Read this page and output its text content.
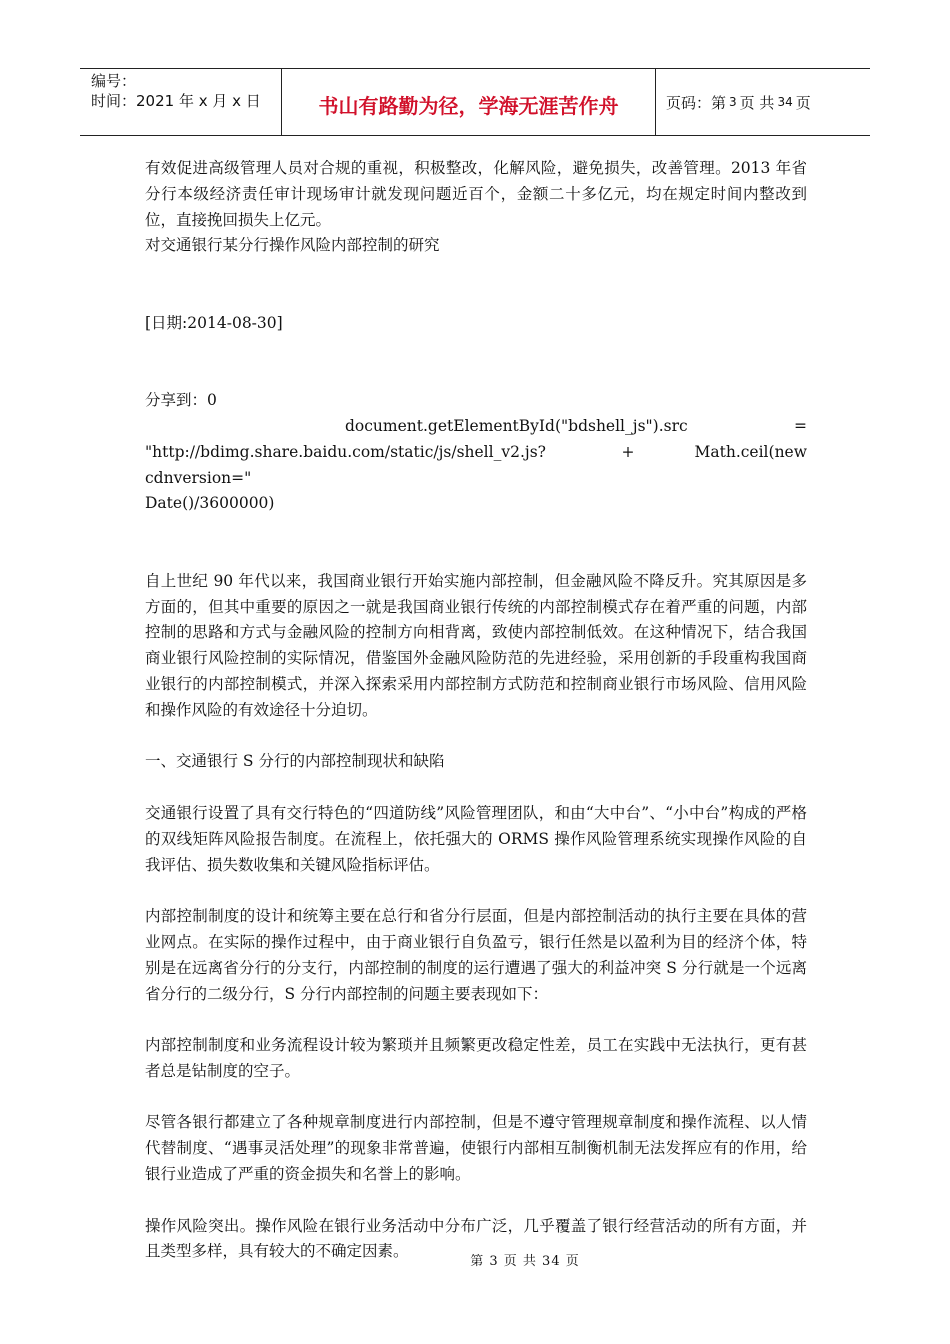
编号：
时间：2021 年 x 月 x 日	书山有路勤为径，学海无涯苦作舟	页码：第 3 页 共 34 页

有效促进高级管理人员对合规的重视，积极整改，化解风险，避免损失，改善管理。2013 年省分行本级经济责任审计现场审计就发现问题近百个，金额二十多亿元，均在规定时间内整改到位，直接挽回损失上亿元。

对交通银行某分行操作风险内部控制的研究

[日期:2014-08-30]

分享到：0

document.getElementById("bdshell_js").src	=
"http://bdimg.share.baidu.com/static/js/shell_v2.js?cdnversion="
+	Math.ceil(new

Date()/3600000)

自上世纪 90 年代以来，我国商业银行开始实施内部控制，但金融风险不降反升。究其原因是多方面的，但其中重要的原因之一就是我国商业银行传统的内部控制模式存在着严重的问题，内部控制的思路和方式与金融风险的控制方向相背离，致使内部控制低效。在这种情况下，结合我国商业银行风险控制的实际情况，借鉴国外金融风险防范的先进经验，采用创新的手段重构我国商业银行的内部控制模式，并深入探索采用内部控制方式防范和控制商业银行市场风险、信用风险和操作风险的有效途径十分迫切。

一、交通银行 S 分行的内部控制现状和缺陷

交通银行设置了具有交行特色的“四道防线”风险管理团队，和由“大中台”、“小中台”构成的严格的双线矩阵风险报告制度。在流程上，依托强大的 ORMS 操作风险管理系统实现操作风险的自我评估、损失数收集和关键风险指标评估。

内部控制制度的设计和统筹主要在总行和省分行层面，但是内部控制活动的执行主要在具体的营业网点。在实际的操作过程中，由于商业银行自负盈亏，银行任然是以盈利为目的经济个体，特别是在远离省分行的分支行，内部控制的制度的运行遭遇了强大的利益冲突 S 分行就是一个远离省分行的二级分行，S 分行内部控制的问题主要表现如下：

内部控制制度和业务流程设计较为繁琐并且频繁更改稳定性差，员工在实践中无法执行，更有甚者总是钻制度的空子。

尽管各银行都建立了各种规章制度进行内部控制，但是不遵守管理规章制度和操作流程、以人情代替制度、“遇事灵活处理”的现象非常普遍，使银行内部相互制衡机制无法发挥应有的作用，给银行业造成了严重的资金损失和名誉上的影响。

操作风险突出。操作风险在银行业务活动中分布广泛，几乎覆盖了银行经营活动的所有方面，并且类型多样，具有较大的不确定因素。

第 3 页 共 34 页
